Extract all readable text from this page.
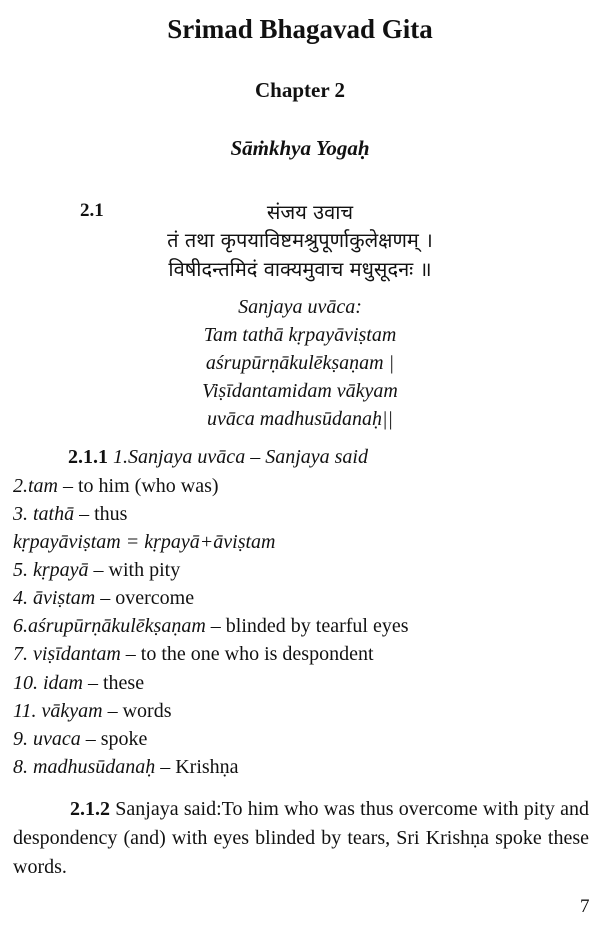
Srimad Bhagavad Gita
Chapter 2
Sāṁkhya Yogaḥ
2.1	संजय उवाच
तं तथा कृपयाविष्टमश्रुपूर्णाकुलेक्षणम् ।
विषीदन्तमिदं वाक्यमुवाच मधुसूदनः ॥
Sanjaya uvāca:
Tam tathā kṛpayāviṣtam
aśrupūrṇākulēkṣaṇam |
Viṣīdantamidam vākyam
uvāca madhusūdanaḥ||
2.1.1 1.Sanjaya uvāca – Sanjaya said
2.tam – to him (who was)
3. tathā – thus
kṛpayāviṣtam = kṛpayā+āviṣtam
5. kṛpayā – with pity
4. āviṣtam – overcome
6.aśrupūrṇākulēkṣaṇam – blinded by tearful eyes
7. viṣīdantam – to the one who is despondent
10. idam – these
11. vākyam – words
9. uvaca – spoke
8. madhusūdanaḥ – Krishṇa
2.1.2 Sanjaya said:To him who was thus overcome with pity and despondency (and) with eyes blinded by tears, Sri Krishṇa spoke these words.
7
